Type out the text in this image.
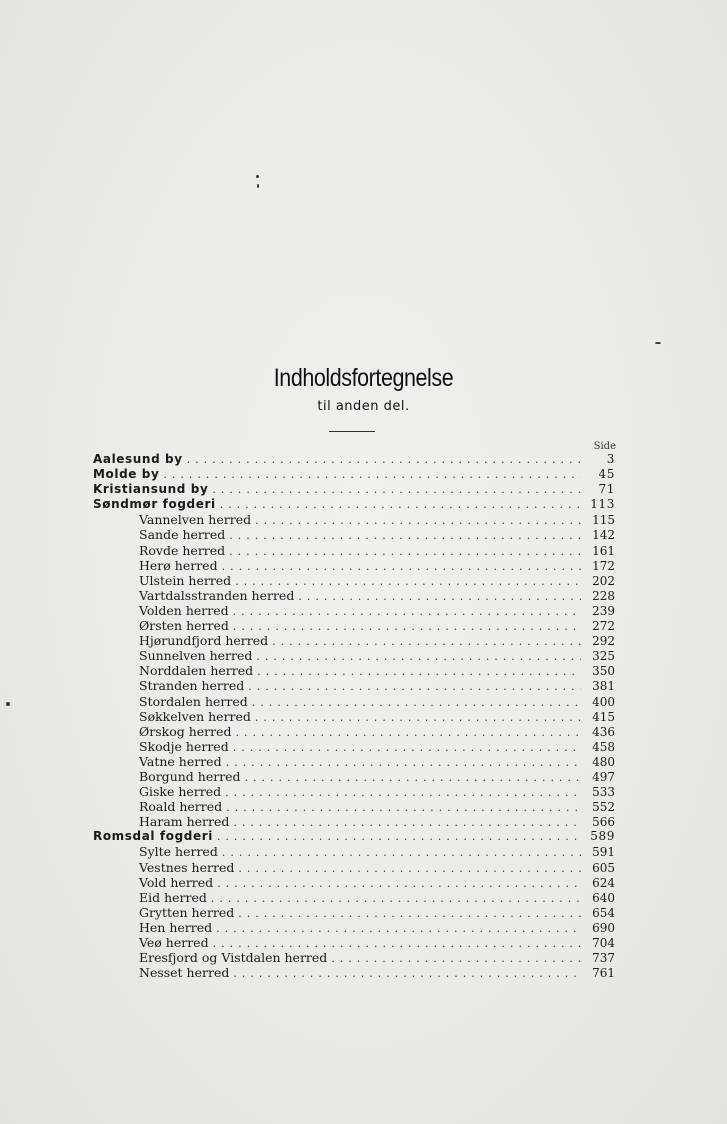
Indholdsfortegnelse
til anden del.
Side
Aalesund by .....	3
Molde by .....	45
Kristiansund by .....	71
Søndmør fogderi .....	113
Vannelven herred .....	115
Sande herred .....	142
Rovde herred .....	161
Herø herred .....	172
Ulstein herred .....	202
Vartdalsstranden herred .....	228
Volden herred .....	239
Ørsten herred .....	272
Hjørundfjord herred .....	292
Sunnelven herred .....	325
Norddalen herred .....	350
Stranden herred .....	381
Stordalen herred .....	400
Søkkelven herred .....	415
Ørskog herred .....	436
Skodje herred .....	458
Vatne herred .....	480
Borgund herred .....	497
Giske herred .....	533
Roald herred .....	552
Haram herred .....	566
Romsdal fogderi .....	589
Sylte herred .....	591
Vestnes herred .....	605
Vold herred .....	624
Eid herred .....	640
Grytten herred .....	654
Hen herred .....	690
Veø herred .....	704
Eresfjord og Vistdalen herred .....	737
Nesset herred .....	761
